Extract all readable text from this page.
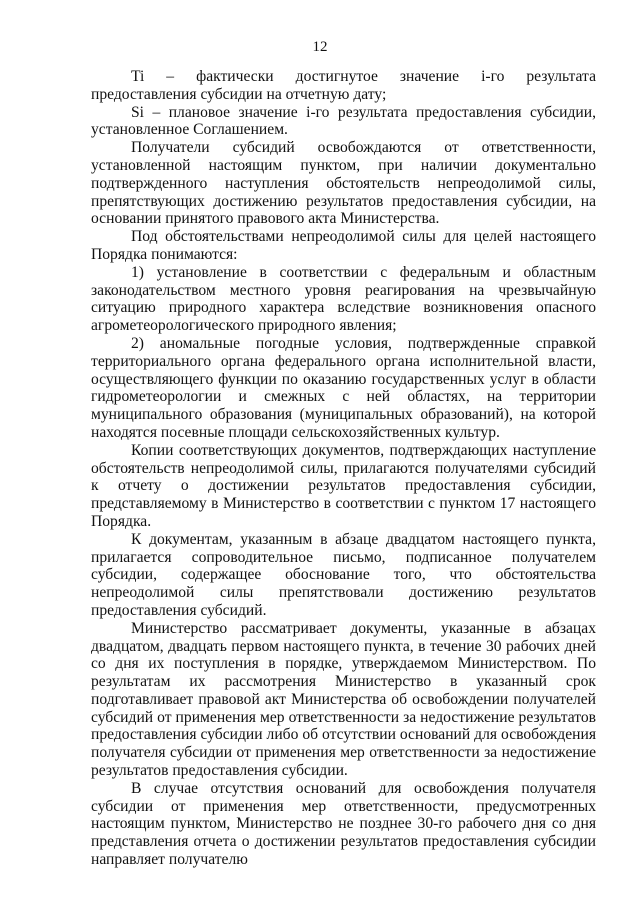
12

Ti – фактически достигнутое значение i-го результата предоставления субсидии на отчетную дату;

Si – плановое значение i-го результата предоставления субсидии, установленное Соглашением.

Получатели субсидий освобождаются от ответственности, установленной настоящим пунктом, при наличии документально подтвержденного наступления обстоятельств непреодолимой силы, препятствующих достижению результатов предоставления субсидии, на основании принятого правового акта Министерства.

Под обстоятельствами непреодолимой силы для целей настоящего Порядка понимаются:

1) установление в соответствии с федеральным и областным законодательством местного уровня реагирования на чрезвычайную ситуацию природного характера вследствие возникновения опасного агрометеорологического природного явления;

2) аномальные погодные условия, подтвержденные справкой территориального органа федерального органа исполнительной власти, осуществляющего функции по оказанию государственных услуг в области гидрометеорологии и смежных с ней областях, на территории муниципального образования (муниципальных образований), на которой находятся посевные площади сельскохозяйственных культур.

Копии соответствующих документов, подтверждающих наступление обстоятельств непреодолимой силы, прилагаются получателями субсидий к отчету о достижении результатов предоставления субсидии, представляемому в Министерство в соответствии с пунктом 17 настоящего Порядка.

К документам, указанным в абзаце двадцатом настоящего пункта, прилагается сопроводительное письмо, подписанное получателем субсидии, содержащее обоснование того, что обстоятельства непреодолимой силы препятствовали достижению результатов предоставления субсидий.

Министерство рассматривает документы, указанные в абзацах двадцатом, двадцать первом настоящего пункта, в течение 30 рабочих дней со дня их поступления в порядке, утверждаемом Министерством. По результатам их рассмотрения Министерство в указанный срок подготавливает правовой акт Министерства об освобождении получателей субсидий от применения мер ответственности за недостижение результатов предоставления субсидии либо об отсутствии оснований для освобождения получателя субсидии от применения мер ответственности за недостижение результатов предоставления субсидии.

В случае отсутствия оснований для освобождения получателя субсидии от применения мер ответственности, предусмотренных настоящим пунктом, Министерство не позднее 30-го рабочего дня со дня представления отчета о достижении результатов предоставления субсидии направляет получателю
